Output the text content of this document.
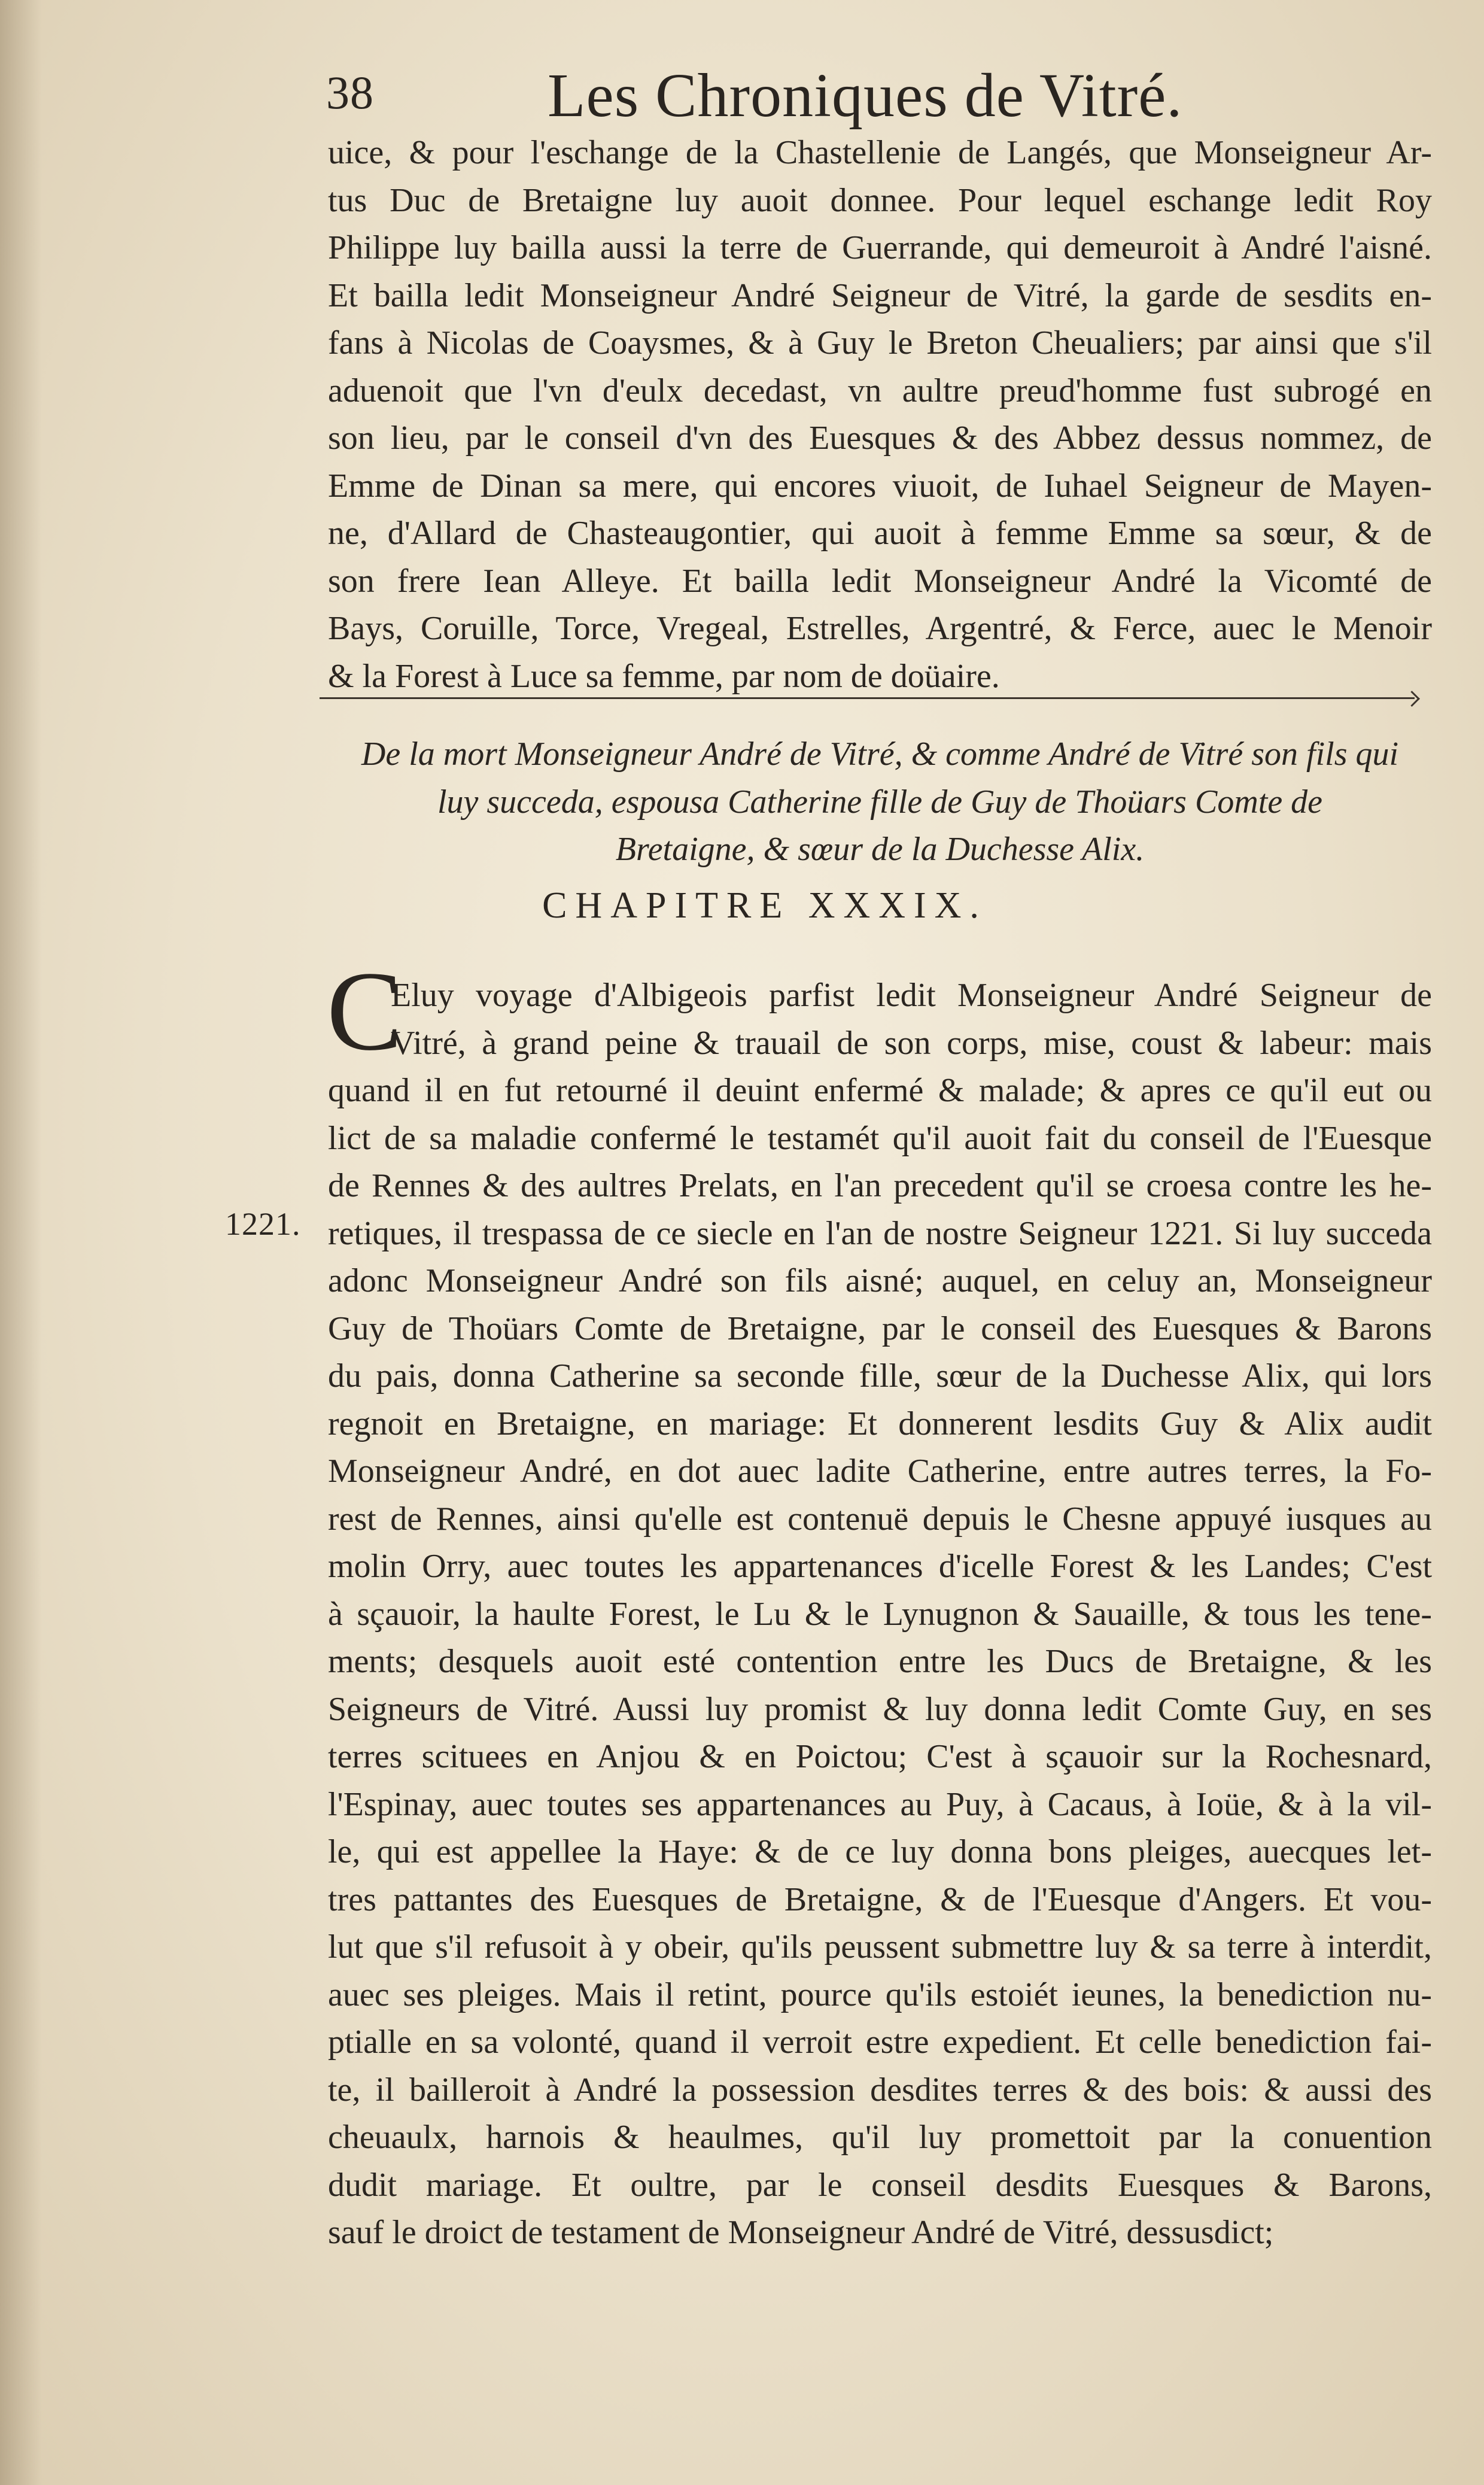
38	Les Chroniques de Vitré.
uice, & pour l'eschange de la Chastellenie de Langés, que Monseigneur Ar-
tus Duc de Bretaigne luy auoit donnee. Pour lequel eschange ledit Roy
Philippe luy bailla aussi la terre de Guerrande, qui demeuroit à André l'aisné.
Et bailla ledit Monseigneur André Seigneur de Vitré, la garde de sesdits en-
fans à Nicolas de Coaysmes, & à Guy le Breton Cheualiers; par ainsi que s'il
aduenoit que l'vn d'eulx decedast, vn aultre preud'homme fust subrogé en
son lieu, par le conseil d'vn des Euesques & des Abbez dessus nommez, de
Emme de Dinan sa mere, qui encores viuoit, de Iuhael Seigneur de Mayen-
ne, d'Allard de Chasteaugontier, qui auoit à femme Emme sa sœur, & de
son frere Iean Alleye. Et bailla ledit Monseigneur André la Vicomté de
Bays, Coruille, Torce, Vregeal, Estrelles, Argentré, & Ferce, auec le Menoir
& la Forest à Luce sa femme, par nom de doüaire.
De la mort Monseigneur André de Vitré, & comme André de Vitré son fils qui
luy succeda, espousa Catherine fille de Guy de Thoüars Comte de
Bretaigne, & sœur de la Duchesse Alix.
CHAPITRE XXXIX.
C
1221.
Eluy voyage d'Albigeois parfist ledit Monseigneur André Seigneur de
Vitré, à grand peine & trauail de son corps, mise, coust & labeur: mais
quand il en fut retourné il deuint enfermé & malade; & apres ce qu'il eut ou
lict de sa maladie confermé le testamét qu'il auoit fait du conseil de l'Euesque
de Rennes & des aultres Prelats, en l'an precedent qu'il se croesa contre les he-
retiques, il trespassa de ce siecle en l'an de nostre Seigneur 1221. Si luy succeda
adonc Monseigneur André son fils aisné; auquel, en celuy an, Monseigneur
Guy de Thoüars Comte de Bretaigne, par le conseil des Euesques & Barons
du pais, donna Catherine sa seconde fille, sœur de la Duchesse Alix, qui lors
regnoit en Bretaigne, en mariage: Et donnerent lesdits Guy & Alix audit
Monseigneur André, en dot auec ladite Catherine, entre autres terres, la Fo-
rest de Rennes, ainsi qu'elle est contenuë depuis le Chesne appuyé iusques au
molin Orry, auec toutes les appartenances d'icelle Forest & les Landes; C'est
à sçauoir, la haulte Forest, le Lu & le Lynugnon & Sauaille, & tous les tene-
ments; desquels auoit esté contention entre les Ducs de Bretaigne, & les
Seigneurs de Vitré. Aussi luy promist & luy donna ledit Comte Guy, en ses
terres scituees en Anjou & en Poictou; C'est à sçauoir sur la Rochesnard,
l'Espinay, auec toutes ses appartenances au Puy, à Cacaus, à Ioüe, & à la vil-
le, qui est appellee la Haye: & de ce luy donna bons pleiges, auecques let-
tres pattantes des Euesques de Bretaigne, & de l'Euesque d'Angers. Et vou-
lut que s'il refusoit à y obeir, qu'ils peussent submettre luy & sa terre à interdit,
auec ses pleiges. Mais il retint, pource qu'ils estoiét ieunes, la benediction nu-
ptialle en sa volonté, quand il verroit estre expedient. Et celle benediction fai-
te, il bailleroit à André la possession desdites terres & des bois: & aussi des
cheuaulx, harnois & heaulmes, qu'il luy promettoit par la conuention
dudit mariage. Et oultre, par le conseil desdits Euesques & Barons,
sauf le droict de testament de Monseigneur André de Vitré, dessusdict;
